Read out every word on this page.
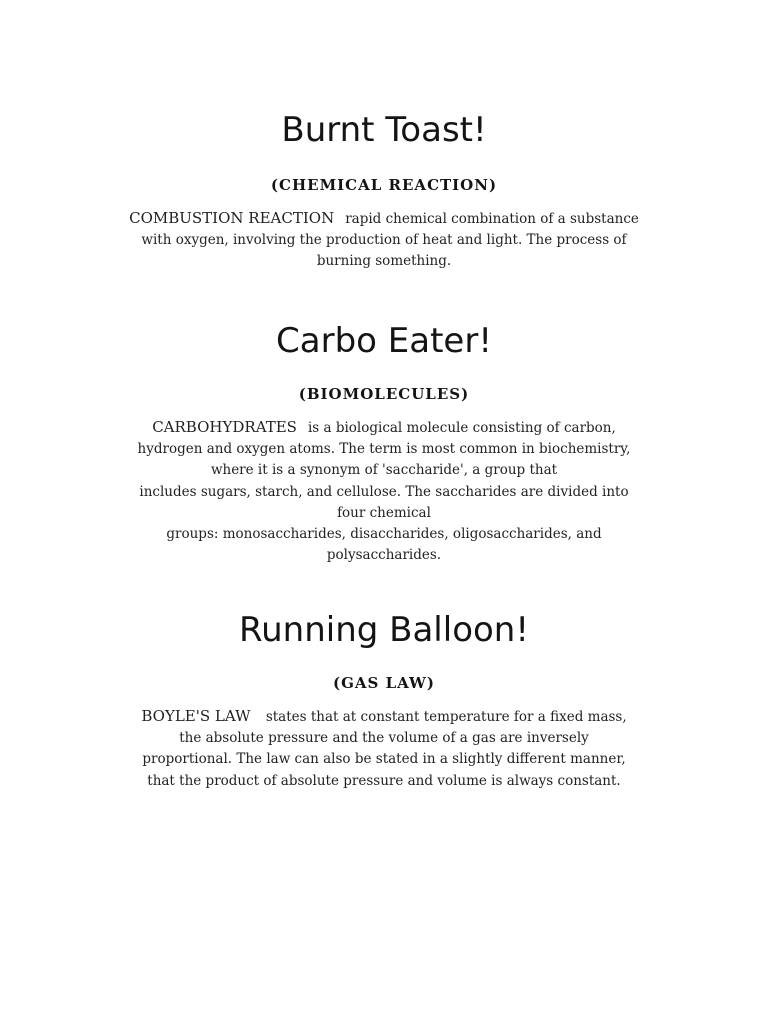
Burnt Toast!
(CHEMICAL REACTION)
COMBUSTION REACTION rapid chemical combination of a substance
with oxygen, involving the production of heat and light. The process of
burning something.
Carbo Eater!
(BIOMOLECULES)
CARBOHYDRATES is a biological molecule consisting of carbon,
hydrogen and oxygen atoms. The term is most common in biochemistry,
where it is a synonym of 'saccharide', a group that
includes sugars, starch, and cellulose. The saccharides are divided into
four chemical
groups: monosaccharides, disaccharides, oligosaccharides, and
polysaccharides.
Running Balloon!
(GAS LAW)
BOYLE'S LAW states that at constant temperature for a fixed mass,
the absolute pressure and the volume of a gas are inversely
proportional. The law can also be stated in a slightly different manner,
that the product of absolute pressure and volume is always constant.
